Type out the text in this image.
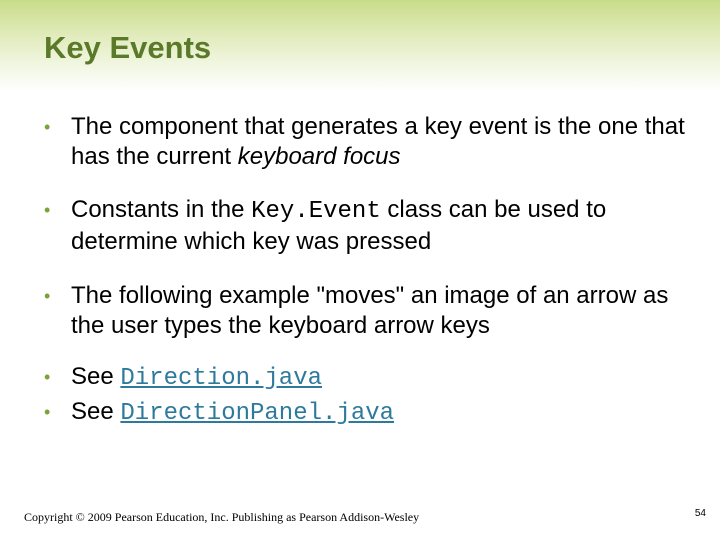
Key Events
• The component that generates a key event is the one that has the current keyboard focus
• Constants in the Key.Event class can be used to determine which key was pressed
• The following example "moves" an image of an arrow as the user types the keyboard arrow keys
• See Direction.java
• See DirectionPanel.java
Copyright © 2009 Pearson Education, Inc. Publishing as Pearson Addison-Wesley	54
